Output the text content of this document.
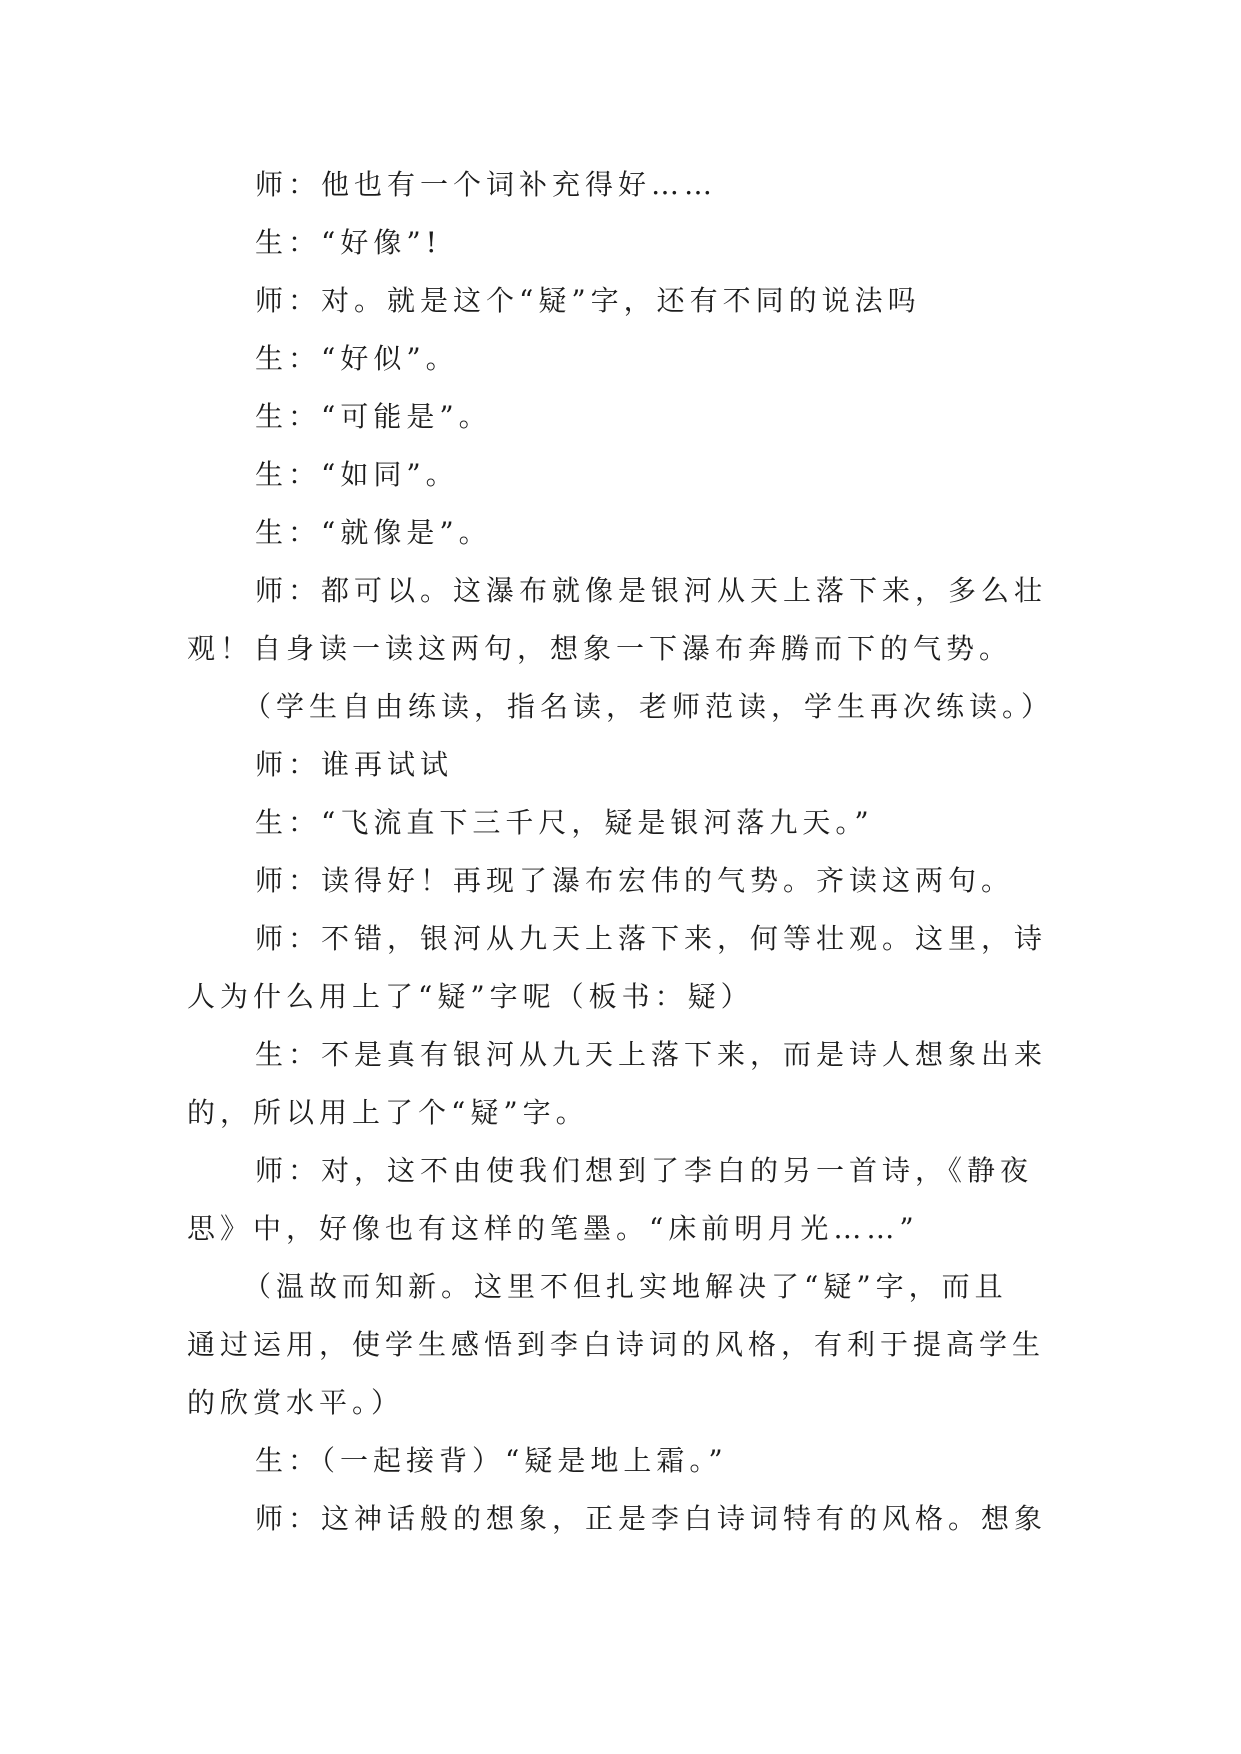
师：他也有一个词补充得好……
生：“好像”!
师：对。就是这个“疑”字，还有不同的说法吗
生：“好似”。
生：“可能是”。
生：“如同”。
生：“就像是”。
师：都可以。这瀑布就像是银河从天上落下来，多么壮
观！自身读一读这两句，想象一下瀑布奔腾而下的气势。
（学生自由练读，指名读，老师范读，学生再次练读。）
师：谁再试试
生：“飞流直下三千尺，疑是银河落九天。”
师：读得好！再现了瀑布宏伟的气势。齐读这两句。
师：不错，银河从九天上落下来，何等壮观。这里，诗
人为什么用上了“疑”字呢（板书：疑）
生：不是真有银河从九天上落下来，而是诗人想象出来
的，所以用上了个“疑”字。
师：对，这不由使我们想到了李白的另一首诗，《静夜
思》中，好像也有这样的笔墨。“床前明月光……”
（温故而知新。这里不但扎实地解决了“疑”字，而且
通过运用，使学生感悟到李白诗词的风格，有利于提高学生
的欣赏水平。）
生：（一起接背）“疑是地上霜。”
师：这神话般的想象，正是李白诗词特有的风格。想象
